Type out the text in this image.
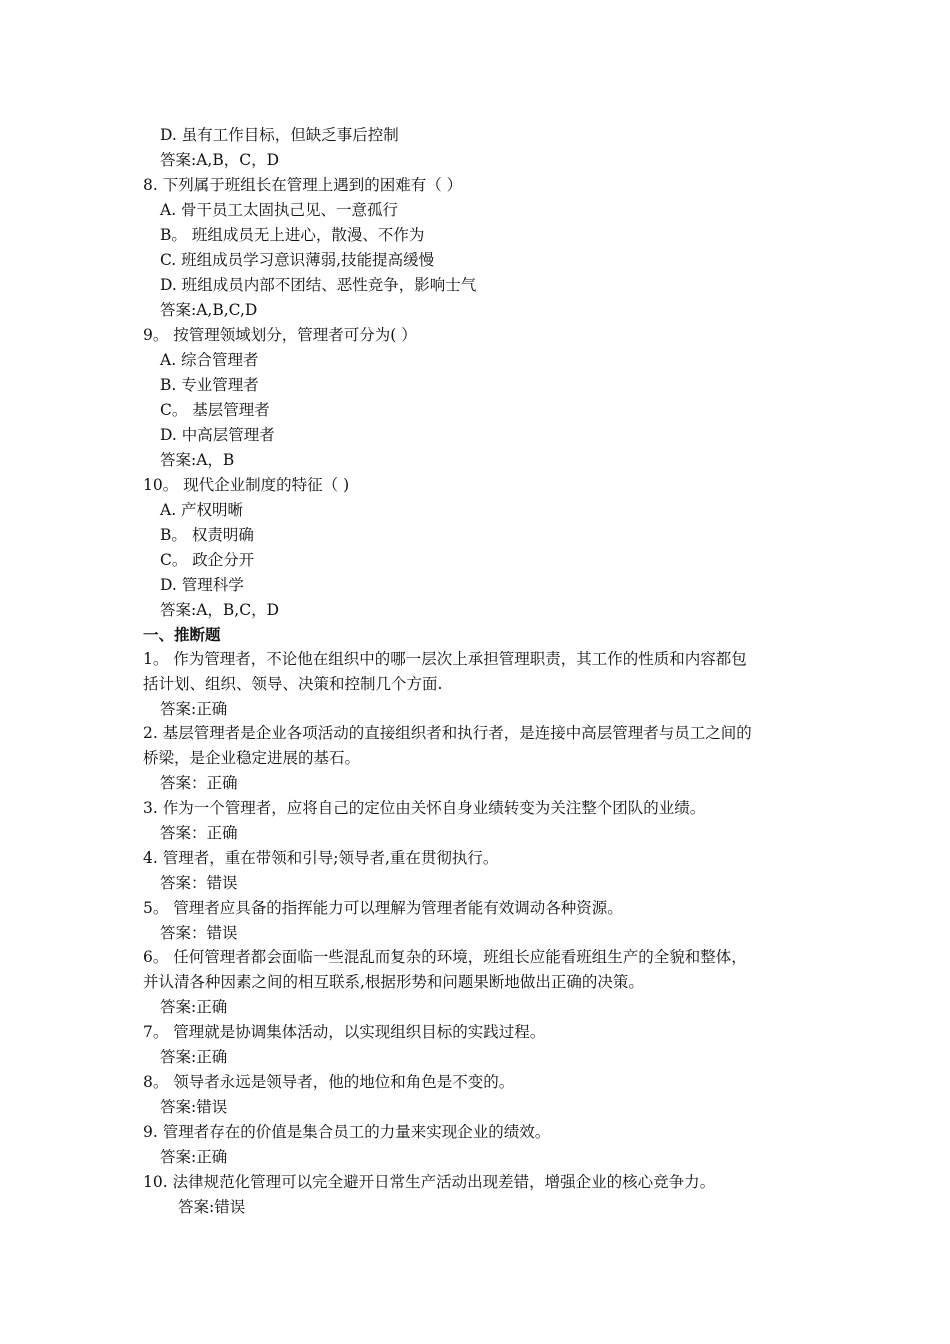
D. 虽有工作目标，但缺乏事后控制
答案:A,B，C，D
8. 下列属于班组长在管理上遇到的困难有（ ）
A. 骨干员工太固执己见、一意孤行
B。 班组成员无上进心，散漫、不作为
C. 班组成员学习意识薄弱,技能提高缓慢
D. 班组成员内部不团结、恶性竞争，影响士气
答案:A,B,C,D
9。 按管理领域划分，管理者可分为( ）
A. 综合管理者
B. 专业管理者
C。 基层管理者
D. 中高层管理者
答案:A，B
10。 现代企业制度的特征（ )
A. 产权明晰
B。 权责明确
C。 政企分开
D. 管理科学
答案:A，B,C，D
一、推断题
1。 作为管理者，不论他在组织中的哪一层次上承担管理职责，其工作的性质和内容都包
括计划、组织、领导、决策和控制几个方面.
答案:正确
2. 基层管理者是企业各项活动的直接组织者和执行者，是连接中高层管理者与员工之间的
桥梁，是企业稳定进展的基石。
答案：正确
3. 作为一个管理者，应将自己的定位由关怀自身业绩转变为关注整个团队的业绩。
答案：正确
4. 管理者，重在带领和引导;领导者,重在贯彻执行。
答案：错误
5。 管理者应具备的指挥能力可以理解为管理者能有效调动各种资源。
答案：错误
6。 任何管理者都会面临一些混乱而复杂的环境，班组长应能看班组生产的全貌和整体，
并认清各种因素之间的相互联系,根据形势和问题果断地做出正确的决策。
答案:正确
7。 管理就是协调集体活动，以实现组织目标的实践过程。
答案:正确
8。 领导者永远是领导者，他的地位和角色是不变的。
答案:错误
9. 管理者存在的价值是集合员工的力量来实现企业的绩效。
答案:正确
10. 法律规范化管理可以完全避开日常生产活动出现差错，增强企业的核心竞争力。
答案:错误
